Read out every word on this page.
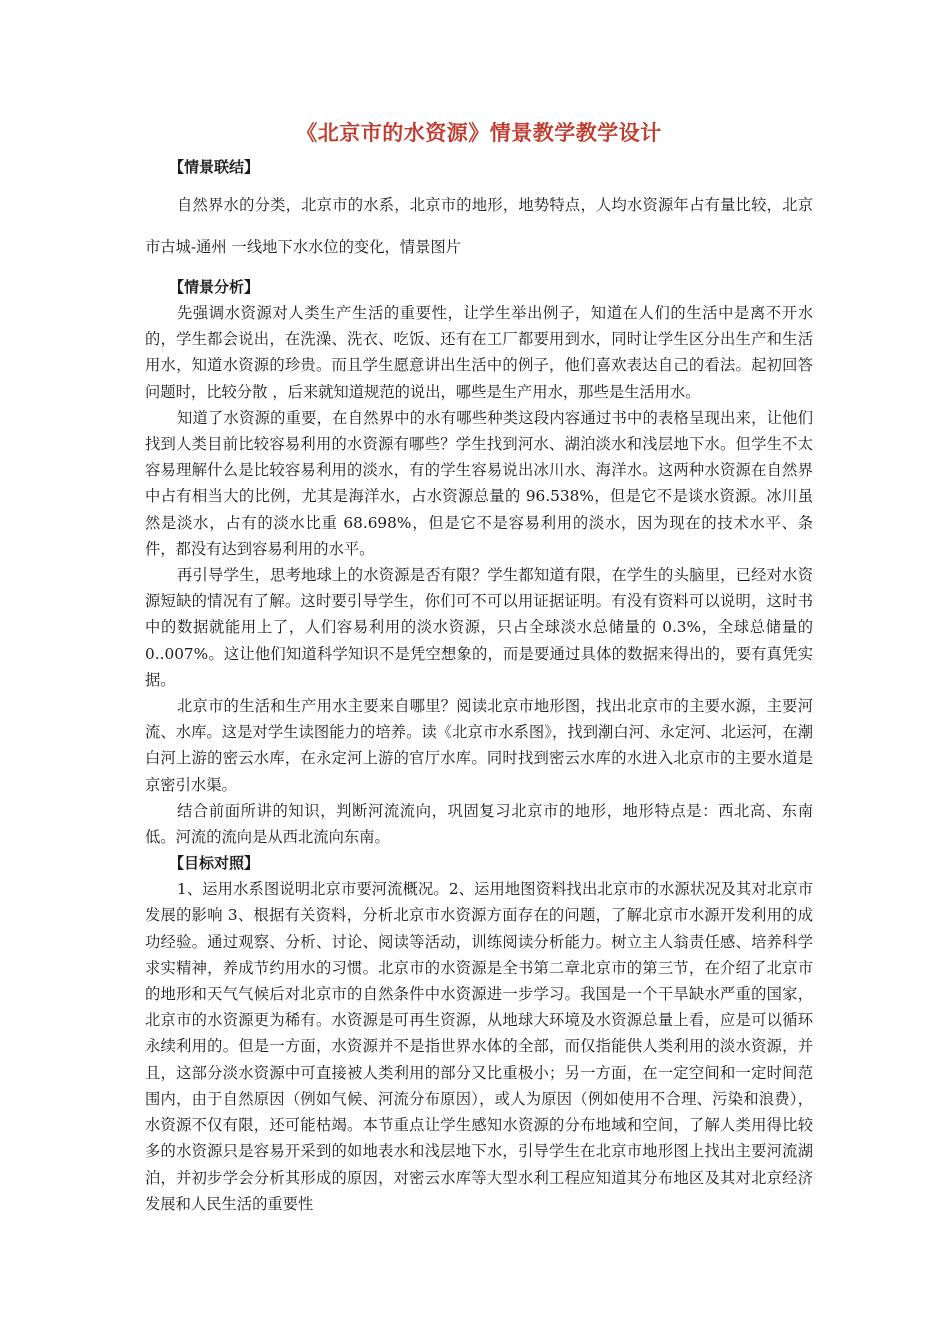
《北京市的水资源》情景教学教学设计
【情景联结】

自然界水的分类，北京市的水系，北京市的地形，地势特点，人均水资源年占有量比较，北京市古城-通州 一线地下水水位的变化，情景图片

【情景分析】

先强调水资源对人类生产生活的重要性，让学生举出例子，知道在人们的生活中是离不开水的，学生都会说出，在洗澡、洗衣、吃饭、还有在工厂都要用到水，同时让学生区分出生产和生活用水，知道水资源的珍贵。而且学生愿意讲出生活中的例子，他们喜欢表达自己的看法。起初回答问题时，比较分散 ，后来就知道规范的说出，哪些是生产用水，那些是生活用水。

知道了水资源的重要，在自然界中的水有哪些种类这段内容通过书中的表格呈现出来，让他们找到人类目前比较容易利用的水资源有哪些？学生找到河水、湖泊淡水和浅层地下水。但学生不太容易理解什么是比较容易利用的淡水，有的学生容易说出冰川水、海洋水。这两种水资源在自然界中占有相当大的比例，尤其是海洋水，占水资源总量的 96.538%，但是它不是谈水资源。冰川虽然是淡水，占有的淡水比重 68.698%，但是它不是容易利用的淡水，因为现在的技术水平、条件，都没有达到容易利用的水平。

再引导学生，思考地球上的水资源是否有限？学生都知道有限，在学生的头脑里，已经对水资源短缺的情况有了解。这时要引导学生，你们可不可以用证据证明。有没有资料可以说明，这时书中的数据就能用上了，人们容易利用的淡水资源，只占全球淡水总储量的 0.3%，全球总储量的 0..007%。这让他们知道科学知识不是凭空想象的，而是要通过具体的数据来得出的，要有真凭实据。

北京市的生活和生产用水主要来自哪里？阅读北京市地形图，找出北京市的主要水源，主要河流、水库。这是对学生读图能力的培养。读《北京市水系图》，找到潮白河、永定河、北运河，在潮白河上游的密云水库，在永定河上游的官厅水库。同时找到密云水库的水进入北京市的主要水道是京密引水渠。

结合前面所讲的知识，判断河流流向，巩固复习北京市的地形，地形特点是：西北高、东南低。河流的流向是从西北流向东南。

【目标对照】

1、运用水系图说明北京市要河流概况。2、运用地图资料找出北京市的水源状况及其对北京市发展的影响 3、根据有关资料，分析北京市水资源方面存在的问题，了解北京市水源开发利用的成功经验。通过观察、分析、讨论、阅读等活动，训练阅读分析能力。树立主人翁责任感、培养科学求实精神，养成节约用水的习惯。北京市的水资源是全书第二章北京市的第三节，在介绍了北京市的地形和天气气候后对北京市的自然条件中水资源进一步学习。我国是一个干旱缺水严重的国家，北京市的水资源更为稀有。水资源是可再生资源，从地球大环境及水资源总量上看，应是可以循环永续利用的。但是一方面，水资源并不是指世界水体的全部，而仅指能供人类利用的淡水资源，并且，这部分淡水资源中可直接被人类利用的部分又比重极小；另一方面，在一定空间和一定时间范围内，由于自然原因（例如气候、河流分布原因），或人为原因（例如使用不合理、污染和浪费），水资源不仅有限，还可能枯竭。本节重点让学生感知水资源的分布地域和空间，了解人类用得比较多的水资源只是容易开采到的如地表水和浅层地下水，引导学生在北京市地形图上找出主要河流湖泊，并初步学会分析其形成的原因，对密云水库等大型水利工程应知道其分布地区及其对北京经济发展和人民生活的重要性
